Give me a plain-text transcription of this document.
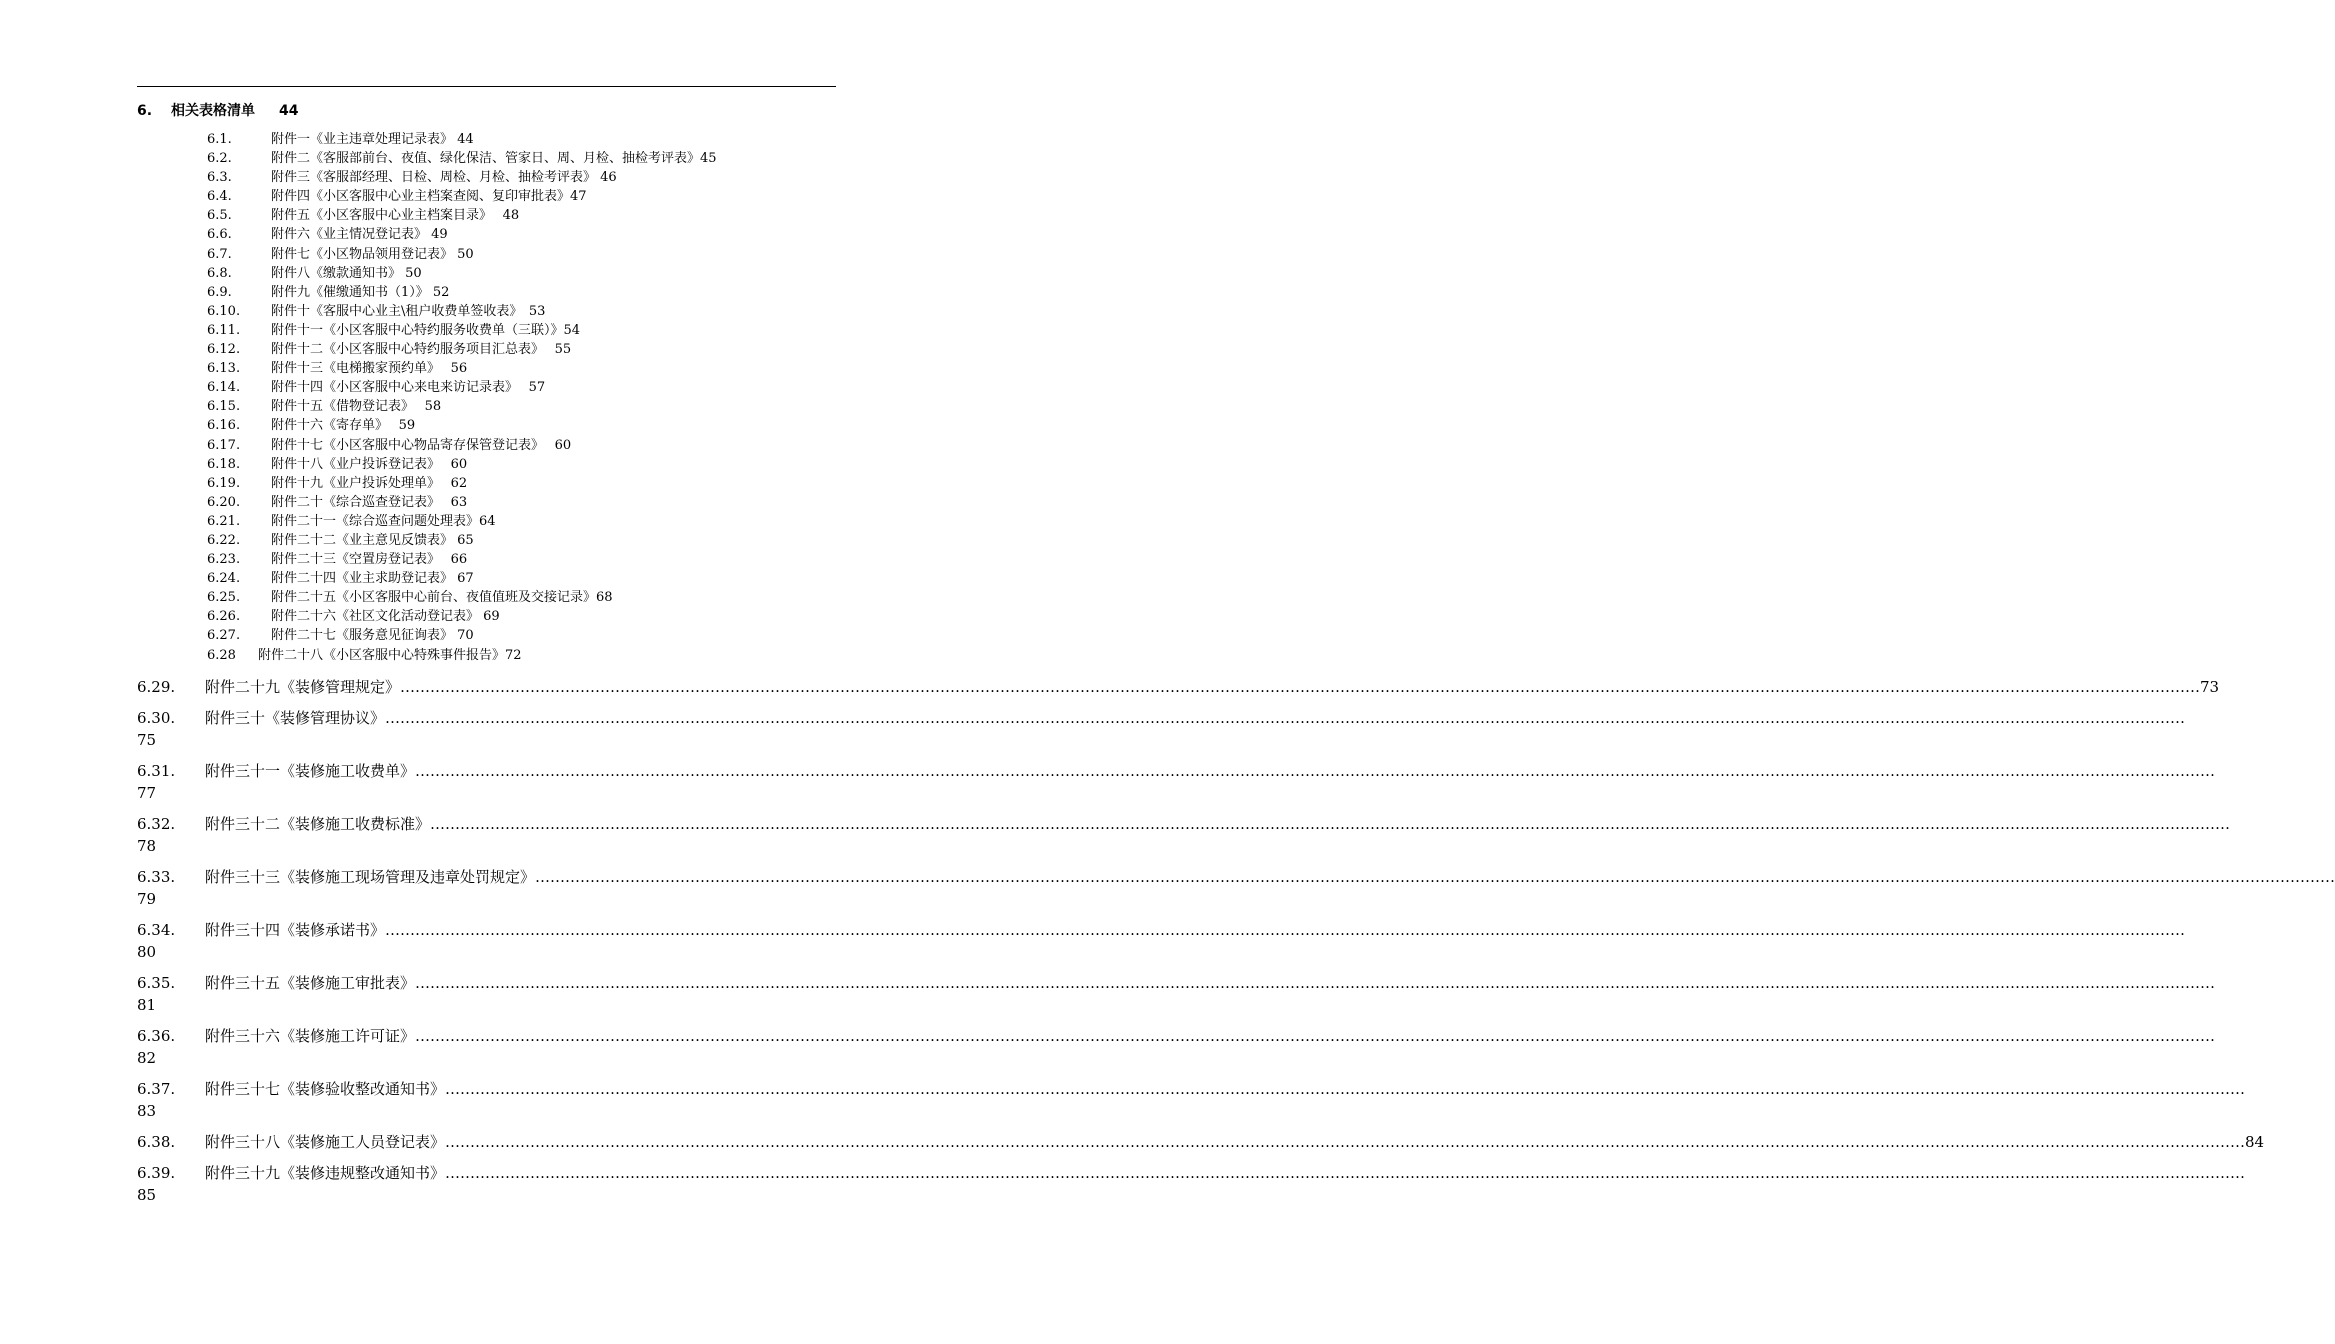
6. 相关表格清单 44
6.1.	附件一《业主违章处理记录表》 44
6.2.	附件二《客服部前台、夜值、绿化保洁、管家日、周、月检、抽检考评表》45
6.3.	附件三《客服部经理、日检、周检、月检、抽检考评表》 46
6.4.	附件四《小区客服中心业主档案查阅、复印审批表》47
6.5.	附件五《小区客服中心业主档案目录》　 48
6.6.	附件六《业主情况登记表》 49
6.7.	附件七《小区物品领用登记表》 50
6.8.	附件八《缴款通知书》 50
6.9.	附件九《催缴通知书（1）》 52
6.10. 附件十《客服中心业主\租户收费单签收表》　53
6.11. 附件十一《小区客服中心特约服务收费单（三联）》54
6.12. 附件十二《小区客服中心特约服务项目汇总表》　 55
6.13. 附件十三《电梯搬家预约单》　 56
6.14. 附件十四《小区客服中心来电来访记录表》　 57
6.15. 附件十五《借物登记表》　 58
6.16. 附件十六《寄存单》　 59
6.17. 附件十七《小区客服中心物品寄存保管登记表》　 60
6.18. 附件十八《业户投诉登记表》　 60
6.19. 附件十九《业户投诉处理单》　 62
6.20. 附件二十《综合巡查登记表》　 63
6.21. 附件二十一《综合巡查问题处理表》64
6.22. 附件二十二《业主意见反馈表》 65
6.23. 附件二十三《空置房登记表》　 66
6.24. 附件二十四《业主求助登记表》 67
6.25. 附件二十五《小区客服中心前台、夜值值班及交接记录》68
6.26. 附件二十六《社区文化活动登记表》 69
6.27. 附件二十七《服务意见征询表》 70
6.28 附件二十八《小区客服中心特殊事件报告》72
6.29.	附件二十九《装修管理规定》 ……………………………………………………………………………………………………………………………………………………………………………………………………………………………………………………………………………………………………………………………… 73
6.30.	附件三十《装修管理协议》 ………………………………………………………………………………………………………………………………………………………………………………………………………………………………………………………………………………………………………………………………
75
6.31.	附件三十一《装修施工收费单》 ………………………………………………………………………………………………………………………………………………………………………………………………………………………………………………………………………………………………………………………………
77
6.32.	附件三十二《装修施工收费标准》 ………………………………………………………………………………………………………………………………………………………………………………………………………………………………………………………………………………………………………………………………
78
6.33.	附件三十三《装修施工现场管理及违章处罚规定》 ………………………………………………………………………………………………………………………………………………………………………………………………………………………………………………………………………………………………………………………………
79
6.34.	附件三十四《装修承诺书》 ………………………………………………………………………………………………………………………………………………………………………………………………………………………………………………………………………………………………………………………………
80
6.35.	附件三十五《装修施工审批表》 ………………………………………………………………………………………………………………………………………………………………………………………………………………………………………………………………………………………………………………………………
81
6.36.	附件三十六《装修施工许可证》 ………………………………………………………………………………………………………………………………………………………………………………………………………………………………………………………………………………………………………………………………
82
6.37.	附件三十七《装修验收整改通知书》 ………………………………………………………………………………………………………………………………………………………………………………………………………………………………………………………………………………………………………………………………
83
6.38.	附件三十八《装修施工人员登记表》 ……………………………………………………………………………………………………………………………………………………………………………………………………………………………………………………………………………………………………………………………… 84
6.39.	附件三十九《装修违规整改通知书》 ………………………………………………………………………………………………………………………………………………………………………………………………………………………………………………………………………………………………………………………………
85
